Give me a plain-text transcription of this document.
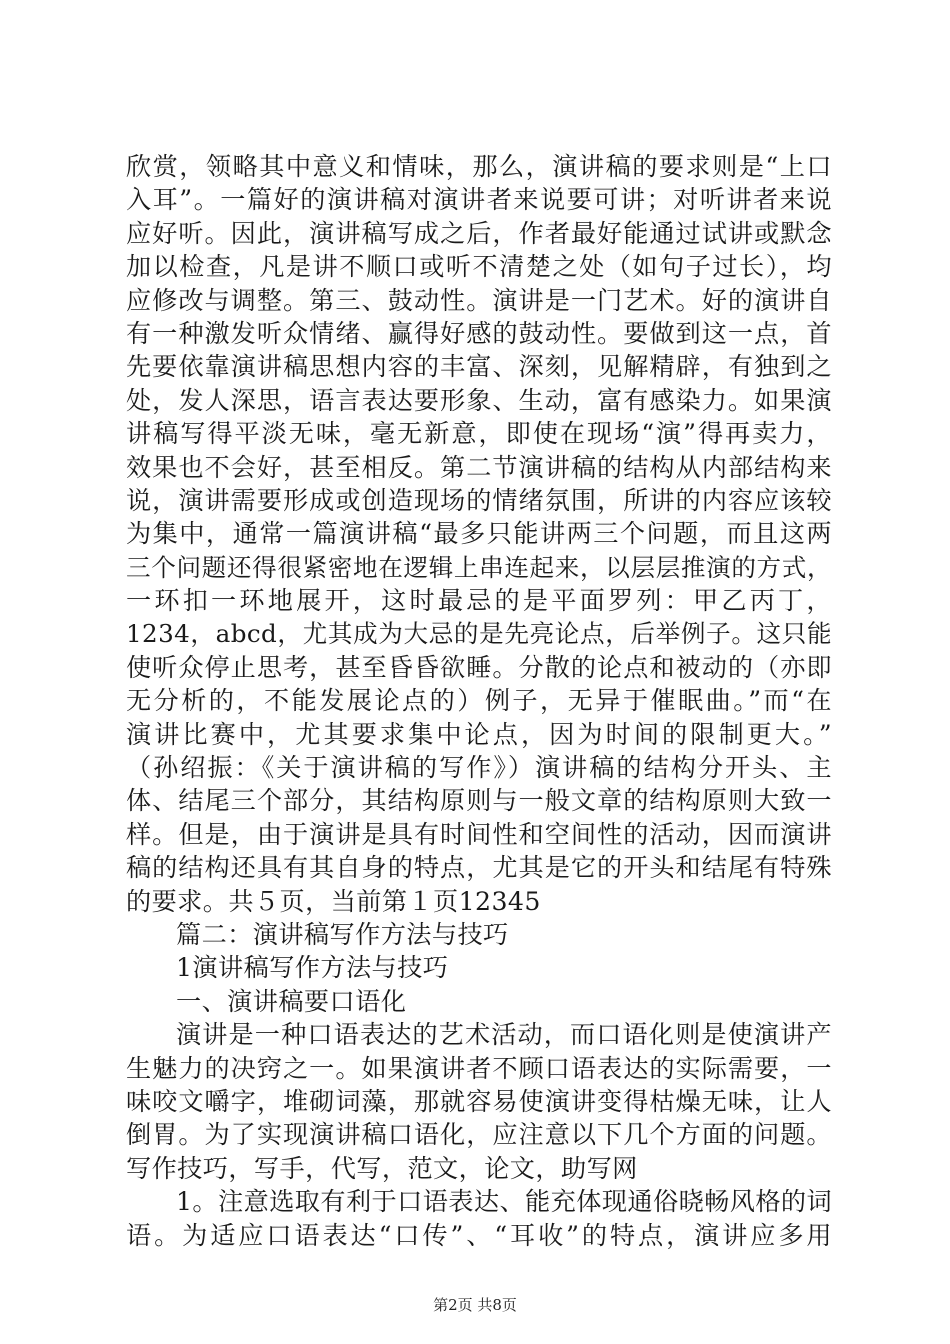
欣赏，领略其中意义和情味，那么，演讲稿的要求则是“上口
入耳”。一篇好的演讲稿对演讲者来说要可讲；对听讲者来说
应好听。因此，演讲稿写成之后，作者最好能通过试讲或默念
加以检查，凡是讲不顺口或听不清楚之处（如句子过长），均
应修改与调整。第三、鼓动性。演讲是一门艺术。好的演讲自
有一种激发听众情绪、赢得好感的鼓动性。要做到这一点，首
先要依靠演讲稿思想内容的丰富、深刻，见解精辟，有独到之
处，发人深思，语言表达要形象、生动，富有感染力。如果演
讲稿写得平淡无味，毫无新意，即使在现场“演”得再卖力，
效果也不会好，甚至相反。第二节演讲稿的结构从内部结构来
说，演讲需要形成或创造现场的情绪氛围，所讲的内容应该较
为集中，通常一篇演讲稿“最多只能讲两三个问题，而且这两
三个问题还得很紧密地在逻辑上串连起来，以层层推演的方式，
一环扣一环地展开，这时最忌的是平面罗列：甲乙丙丁，
1234，abcd，尤其成为大忌的是先亮论点，后举例子。这只能
使听众停止思考，甚至昏昏欲睡。分散的论点和被动的（亦即
无分析的，不能发展论点的）例子，无异于催眠曲。”而“在
演讲比赛中，尤其要求集中论点，因为时间的限制更大。”
（孙绍振：《关于演讲稿的写作》）演讲稿的结构分开头、主
体、结尾三个部分，其结构原则与一般文章的结构原则大致一
样。但是，由于演讲是具有时间性和空间性的活动，因而演讲
稿的结构还具有其自身的特点，尤其是它的开头和结尾有特殊
的要求。共５页，当前第１页12345
篇二：演讲稿写作方法与技巧
1演讲稿写作方法与技巧
一、演讲稿要口语化
演讲是一种口语表达的艺术活动，而口语化则是使演讲产
生魅力的决窍之一。如果演讲者不顾口语表达的实际需要，一
味咬文嚼字，堆砌词藻，那就容易使演讲变得枯燥无味，让人
倒胃。为了实现演讲稿口语化，应注意以下几个方面的问题。
写作技巧，写手，代写，范文，论文，助写网
1。注意选取有利于口语表达、能充体现通俗晓畅风格的词
语。为适应口语表达“口传”、“耳收”的特点，演讲应多用
第2页 共8页
